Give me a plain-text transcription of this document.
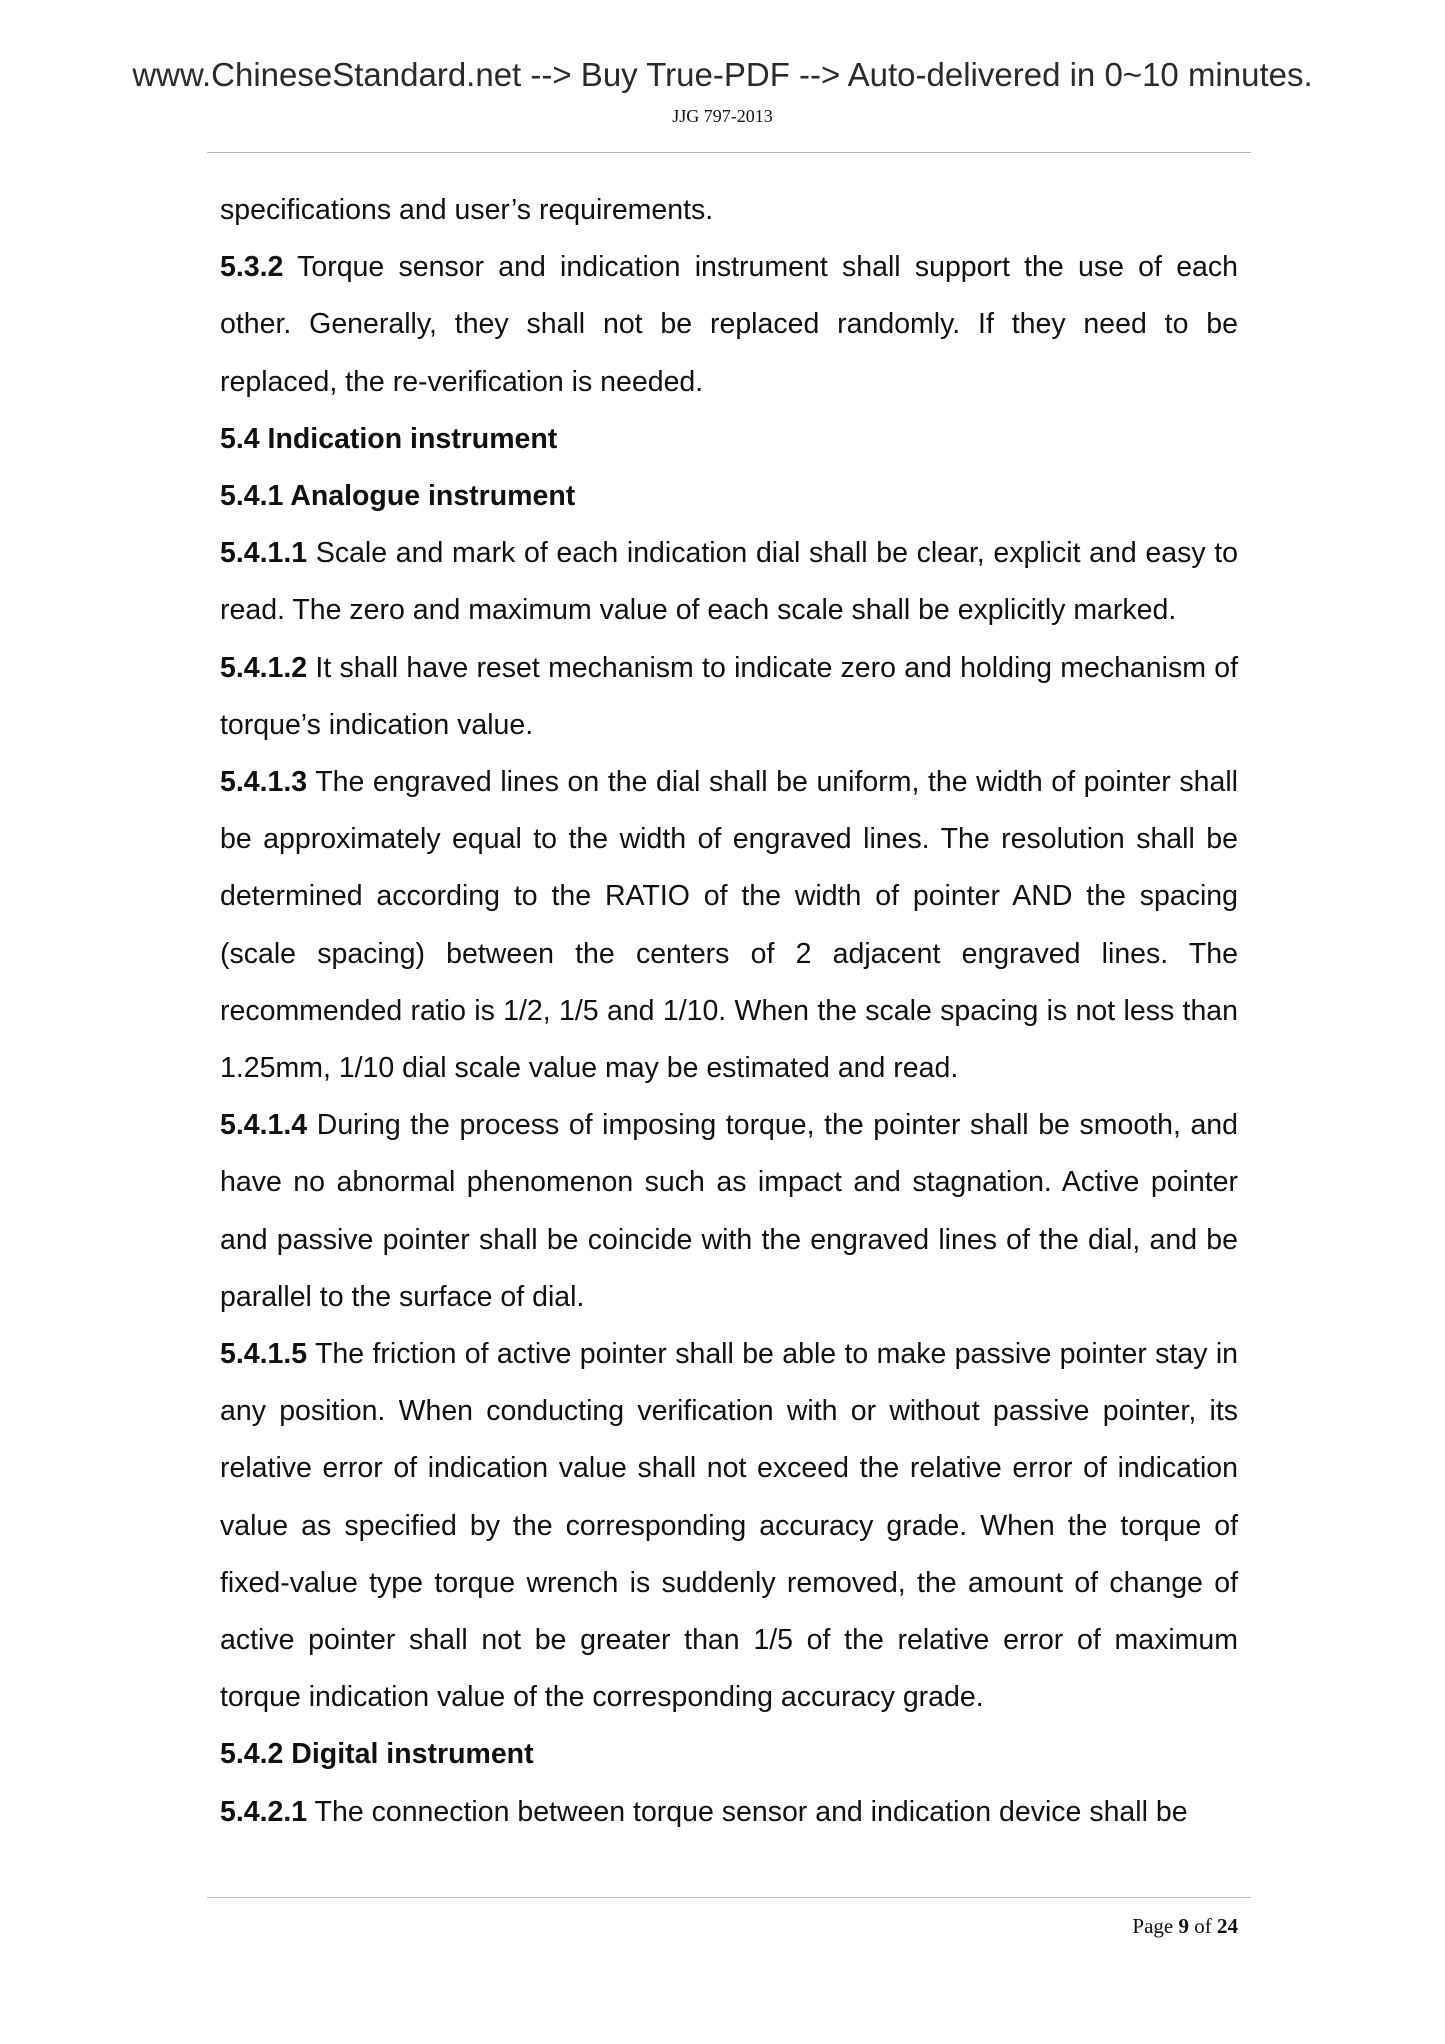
www.ChineseStandard.net --> Buy True-PDF --> Auto-delivered in 0~10 minutes.
JJG 797-2013

specifications and user’s requirements.

5.3.2 Torque sensor and indication instrument shall support the use of each other. Generally, they shall not be replaced randomly. If they need to be replaced, the re-verification is needed.

5.4 Indication instrument

5.4.1 Analogue instrument

5.4.1.1 Scale and mark of each indication dial shall be clear, explicit and easy to read. The zero and maximum value of each scale shall be explicitly marked.

5.4.1.2 It shall have reset mechanism to indicate zero and holding mechanism of torque’s indication value.

5.4.1.3 The engraved lines on the dial shall be uniform, the width of pointer shall be approximately equal to the width of engraved lines. The resolution shall be determined according to the RATIO of the width of pointer AND the spacing (scale spacing) between the centers of 2 adjacent engraved lines. The recommended ratio is 1/2, 1/5 and 1/10. When the scale spacing is not less than 1.25mm, 1/10 dial scale value may be estimated and read.

5.4.1.4 During the process of imposing torque, the pointer shall be smooth, and have no abnormal phenomenon such as impact and stagnation. Active pointer and passive pointer shall be coincide with the engraved lines of the dial, and be parallel to the surface of dial.

5.4.1.5 The friction of active pointer shall be able to make passive pointer stay in any position. When conducting verification with or without passive pointer, its relative error of indication value shall not exceed the relative error of indication value as specified by the corresponding accuracy grade. When the torque of fixed-value type torque wrench is suddenly removed, the amount of change of active pointer shall not be greater than 1/5 of the relative error of maximum torque indication value of the corresponding accuracy grade.

5.4.2 Digital instrument

5.4.2.1 The connection between torque sensor and indication device shall be

Page 9 of 24
